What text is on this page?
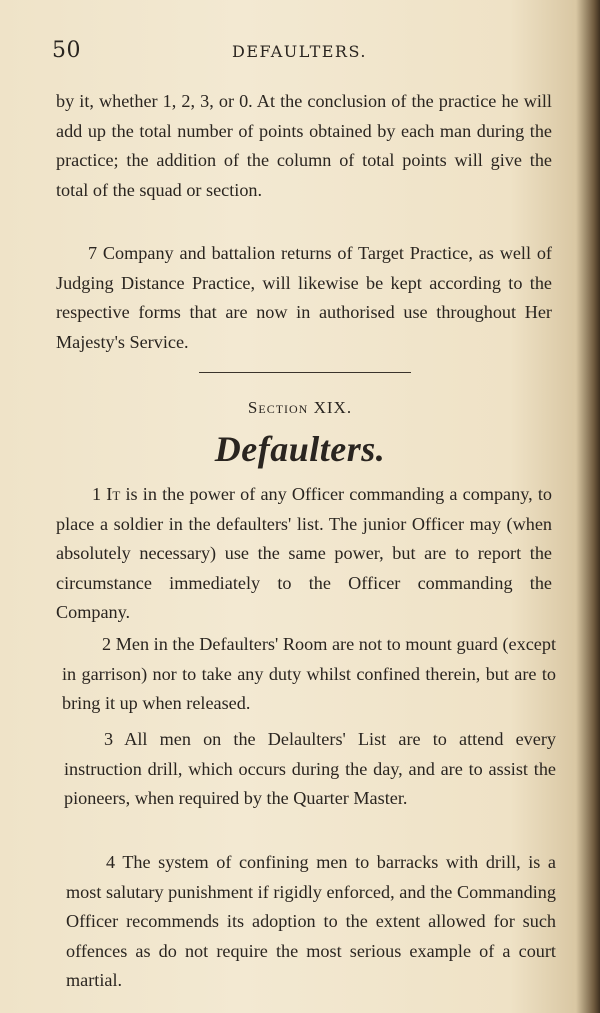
50	DEFAULTERS.
by it, whether 1, 2, 3, or 0. At the conclusion of the practice he will add up the total number of points obtained by each man during the practice; the addition of the column of total points will give the total of the squad or section.
7 Company and battalion returns of Target Practice, as well of Judging Distance Practice, will likewise be kept according to the respective forms that are now in authorised use throughout Her Majesty's Service.
Section XIX.
Defaulters.
1 It is in the power of any Officer commanding a company, to place a soldier in the defaulters' list. The junior Officer may (when absolutely necessary) use the same power, but are to report the circumstance immediately to the Officer commanding the Company.
2 Men in the Defaulters' Room are not to mount guard (except in garrison) nor to take any duty whilst confined therein, but are to bring it up when released.
3 All men on the Delaulters' List are to attend every instruction drill, which occurs during the day, and are to assist the pioneers, when required by the Quarter Master.
4 The system of confining men to barracks with drill, is a most salutary punishment if rigidly enforced, and the Commanding Officer recommends its adoption to the extent allowed for such offences as do not require the most serious example of a court martial.
